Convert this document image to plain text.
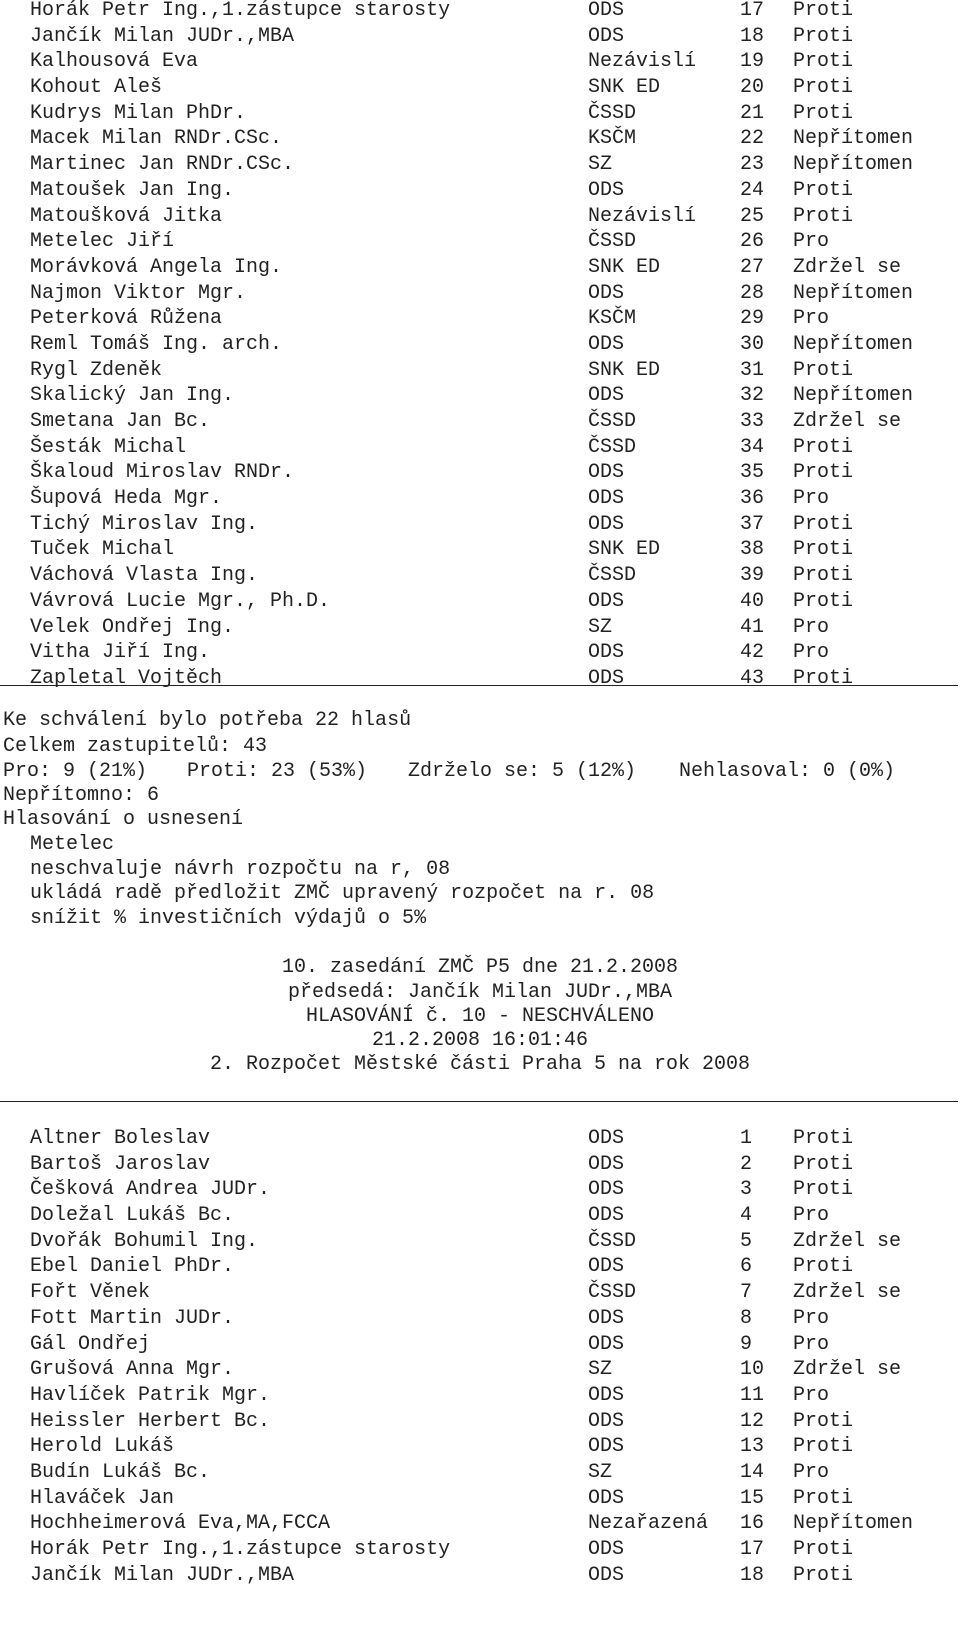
Horák Petr Ing.,1.zástupce starosty	ODS	17 Proti
Jančík Milan JUDr.,MBA	ODS	18 Proti
Kalhousová Eva	Nezávislí 19 Proti
Kohout Aleš	SNK ED	20 Proti
Kudrys Milan PhDr.	ČSSD	21 Proti
Macek Milan RNDr.CSc.	KSČM	22 Nepřítomen
Martinec Jan RNDr.CSc.	SZ	23 Nepřítomen
Matoušek Jan Ing.	ODS	24 Proti
Matoušková Jitka	Nezávislí 25 Proti
Metelec Jiří	ČSSD	26 Pro
Morávková Angela Ing.	SNK ED	27 Zdržel se
Najmon Viktor Mgr.	ODS	28 Nepřítomen
Peterková Růžena	KSČM	29 Pro
Reml Tomáš Ing. arch.	ODS	30 Nepřítomen
Rygl Zdeněk	SNK ED	31 Proti
Skalický Jan Ing.	ODS	32 Nepřítomen
Smetana Jan Bc.	ČSSD	33 Zdržel se
Šesták Michal	ČSSD	34 Proti
Škaloud Miroslav RNDr.	ODS	35 Proti
Šupová Heda Mgr.	ODS	36 Pro
Tichý Miroslav Ing.	ODS	37 Proti
Tuček Michal	SNK ED	38 Proti
Váchová Vlasta Ing.	ČSSD	39 Proti
Vávrová Lucie Mgr., Ph.D.	ODS	40 Proti
Velek Ondřej Ing.	SZ	41 Pro
Vitha Jiří Ing.	ODS	42 Pro
Zapletal Vojtěch	ODS	43 Proti
Ke schválení bylo potřeba 22 hlasů
Celkem zastupitelů: 43
Pro: 9 (21%) Proti: 23 (53%) Zdrželo se: 5 (12%) Nehlasoval: 0 (0%)
Nepřítomno: 6
Hlasování o usnesení
Metelec
neschvaluje návrh rozpočtu na r, 08
ukládá radě předložit ZMČ upravený rozpočet na r. 08
snížit % investičních výdajů o 5%
10. zasedání ZMČ P5 dne 21.2.2008
předsedá: Jančík Milan JUDr.,MBA
HLASOVÁNÍ č. 10 - NESCHVÁLENO
21.2.2008 16:01:46
2. Rozpočet Městské části Praha 5 na rok 2008
Altner Boleslav	ODS	1 Proti
Bartoš Jaroslav	ODS	2 Proti
Češková Andrea JUDr.	ODS	3 Proti
Doležal Lukáš Bc.	ODS	4 Pro
Dvořák Bohumil Ing.	ČSSD	5 Zdržel se
Ebel Daniel PhDr.	ODS	6 Proti
Fořt Věnek	ČSSD	7 Zdržel se
Fott Martin JUDr.	ODS	8 Pro
Gál Ondřej	ODS	9 Pro
Grušová Anna Mgr.	SZ	10 Zdržel se
Havlíček Patrik Mgr.	ODS	11 Pro
Heissler Herbert Bc.	ODS	12 Proti
Herold Lukáš	ODS	13 Proti
Budín Lukáš Bc.	SZ	14 Pro
Hlaváček Jan	ODS	15 Proti
Hochheimerová Eva,MA,FCCA	Nezařazená 16 Nepřítomen
Horák Petr Ing.,1.zástupce starosty	ODS	17 Proti
Jančík Milan JUDr.,MBA	ODS	18 Proti
